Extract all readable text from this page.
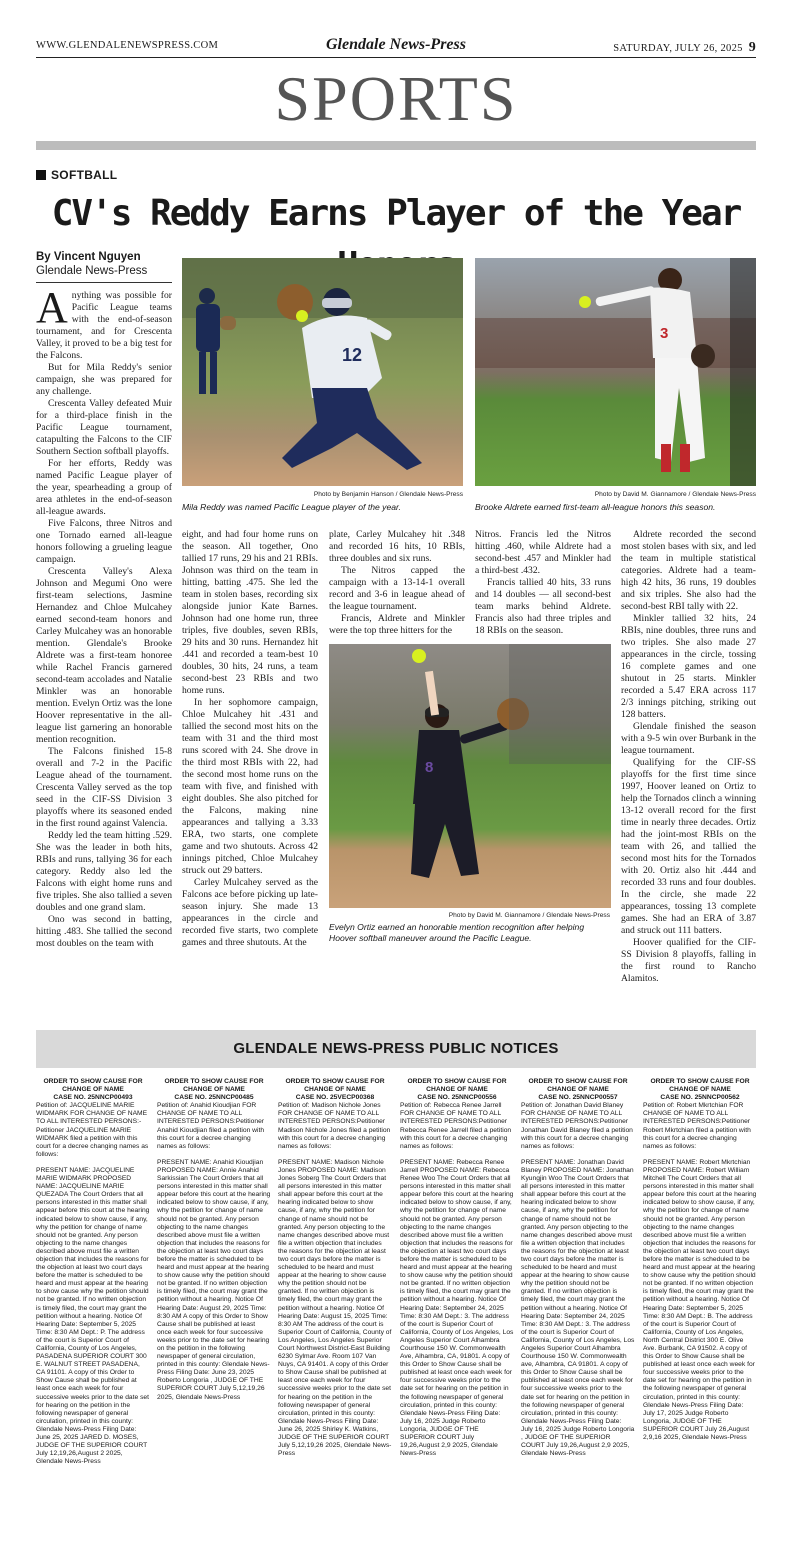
WWW.GLENDALENEWSPRESS.COM	Glendale News-Press	SATURDAY, JULY 26, 2025 9
SPORTS
SOFTBALL
CV's Reddy Earns Player of the Year
By Vincent Nguyen
Glendale News-Press

Anything was possible for Pacific League teams with the end-of-season tournament, and for Crescenta Valley, it proved to be a big test for the Falcons.

But for Mila Reddy's senior campaign, she was prepared for any challenge.

Crescenta Valley defeated Muir for a third-place finish in the Pacific League tournament, catapulting the Falcons to the CIF Southern Section softball playoffs.

For her efforts, Reddy was named Pacific League player of the year, spearheading a group of area athletes in the end-of-season all-league awards.

Five Falcons, three Nitros and one Tornado earned all-league honors following a grueling league campaign.

Crescenta Valley's Alexa Johnson and Megumi Ono were first-team selections, Jasmine Hernandez and Chloe Mulcahey earned second-team honors and Carley Mulcahey was an honorable mention. Glendale's Brooke Aldrete was a first-team honoree while Rachel Francis garnered second-team accolades and Natalie Minkler was an honorable mention. Evelyn Ortiz was the lone Hoover representative in the all-league list garnering an honorable mention recognition.

The Falcons finished 15-8 overall and 7-2 in the Pacific League ahead of the tournament. Crescenta Valley served as the top seed in the CIF-SS Division 3 playoffs where its seasoned ended in the first round against Valencia.

Reddy led the team hitting .529. She was the leader in both hits, RBIs and runs, tallying 36 for each category. Reddy also led the Falcons with eight home runs and five triples. She also tallied a seven doubles and one grand slam.

Ono was second in batting, hitting .483. She tallied the second most doubles on the team with

12
Photo by Benjamin Hanson / Glendale News-Press
Mila Reddy was named Pacific League player of the year.
3
Photo by David M. Giannamore / Glendale News-Press
Brooke Aldrete earned first-team all-league honors this season.

eight, and had four home runs on the season. All together, Ono tallied 17 runs, 29 his and 21 RBIs. Johnson was third on the team in hitting, batting .475. She led the team in stolen bases, recording six alongside junior Kate Barnes. Johnson had one home run, three triples, five doubles, seven RBIs, 29 hits and 30 runs. Hernandez hit .441 and recorded a team-best 10 doubles, 30 hits, 24 runs, a team second-best 23 RBIs and two home runs.

In her sophomore campaign, Chloe Mulcahey hit .431 and tallied the second most hits on the team with 31 and the third most runs scored with 24. She drove in the third most RBIs with 22, had the second most home runs on the team with five, and finished with eight doubles. She also pitched for the Falcons, making nine appearances and tallying a 3.33 ERA, two starts, one complete game and two shutouts. Across 42 innings pitched, Chloe Mulcahey struck out 29 batters.

Carley Mulcahey served as the Falcons ace before picking up late-season injury. She made 13 appearances in the circle and recorded five starts, two complete games and three shutouts. At the

plate, Carley Mulcahey hit .348 and recorded 16 hits, 10 RBIs, three doubles and six runs.

The Nitros capped the campaign with a 13-14-1 overall record and 3-6 in league ahead of the league tournament.

Francis, Aldrete and Minkler were the top three hitters for the

Nitros. Francis led the Nitros hitting .460, while Aldrete had a second-best .457 and Minkler had a third-best .432.

Francis tallied 40 hits, 33 runs and 14 doubles — all second-best team marks behind Aldrete. Francis also had three triples and 18 RBIs on the season.

8
Photo by David M. Giannamore / Glendale News-Press
Evelyn Ortiz earned an honorable mention recognition after helping Hoover softball maneuver around the Pacific League.

Aldrete recorded the second most stolen bases with six, and led the team in multiple statistical categories. Aldrete had a team-high 42 hits, 36 runs, 19 doubles and six triples. She also had the second-best RBI tally with 22.

Minkler tallied 32 hits, 24 RBIs, nine doubles, three runs and two triples. She also made 27 appearances in the circle, tossing 16 complete games and one shutout in 25 starts. Minkler recorded a 5.47 ERA across 117 2/3 innings pitching, striking out 128 batters.

Glendale finished the season with a 9-5 win over Burbank in the league tournament.

Qualifying for the CIF-SS playoffs for the first time since 1997, Hoover leaned on Ortiz to help the Tornados clinch a winning 13-12 overall record for the first time in nearly three decades. Ortiz had the joint-most RBIs on the team with 26, and tallied the second most hits for the Tornados with 20. Ortiz also hit .444 and recorded 33 runs and four doubles. In the circle, she made 22 appearances, tossing 13 complete games. She had an ERA of 3.87 and struck out 111 batters.

Hoover qualified for the CIF-SS Division 8 playoffs, falling in the first round to Rancho Alamitos.

GLENDALE NEWS-PRESS PUBLIC NOTICES
ORDER TO SHOW CAUSE FOR CHANGE OF NAME
CASE NO. 25NNCP00493
Petition of: JACQUELINE MARIE WIDMARK FOR CHANGE OF NAME TO ALL INTERESTED PERSONS:-Petitioner JACQUELINE MARIE WIDMARK filed a petition with this court for a decree changing names as follows:
PRESENT NAME: JACQUELINE MARIE WIDMARK PROPOSED NAME: JACQUELINE MARIE QUEZADA The Court Orders that all persons interested in this matter shall appear before this court at the hearing indicated below to show cause, if any, why the petition for change of name should not be granted. Any person objecting to the name changes described above must file a written objection that includes the reasons for the objection at least two court days before the matter is scheduled to be heard and must appear at the hearing to show cause why the petition should not be granted. If no written objection is timely filed, the court may grant the petition without a hearing. Notice Of Hearing Date: September 5, 2025 Time: 8:30 AM Dept.: P. The address of the court is Superior Court of California, County of Los Angeles, PASADENA SUPERIOR COURT 300 E. WALNUT STREET PASADENA, CA 91101. A copy of this Order to Show Cause shall be published at least once each week for four successive weeks prior to the date set for hearing on the petition in the following newspaper of general circulation, printed in this county: Glendale News-Press Filing Date: June 25, 2025 JARED D. MOSES, JUDGE OF THE SUPERIOR COURT July 12,19,26,August 2 2025, Glendale News-Press
ORDER TO SHOW CAUSE FOR CHANGE OF NAME
CASE NO. 25NNCP00485
Petition of: Anahid Kioudjian FOR CHANGE OF NAME TO ALL INTERESTED PERSONS:Petitioner Anahid Kioudjian filed a petition with this court for a decree changing names as follows:
PRESENT NAME: Anahid Kioudjian PROPOSED NAME: Annie Anahid Sarkissian The Court Orders that all persons interested in this matter shall appear before this court at the hearing indicated below to show cause, if any, why the petition for change of name should not be granted. Any person objecting to the name changes described above must file a written objection that includes the reasons for the objection at least two court days before the matter is scheduled to be heard and must appear at the hearing to show cause why the petition should not be granted. If no written objection is timely filed, the court may grant the petition without a hearing. Notice Of Hearing Date: August 29, 2025 Time: 8:30 AM A copy of this Order to Show Cause shall be published at least once each week for four successive weeks prior to the date set for hearing on the petition in the following newspaper of general circulation, printed in this county: Glendale News-Press Filing Date: June 23, 2025 Roberto Longoria , JUDGE OF THE SUPERIOR COURT July 5,12,19,26 2025, Glendale News-Press
ORDER TO SHOW CAUSE FOR CHANGE OF NAME
CASE NO. 25VECP00368
Petition of: Madison Nichole Jones FOR CHANGE OF NAME TO ALL INTERESTED PERSONS:Petitioner Madison Nichole Jones filed a petition with this court for a decree changing names as follows:
PRESENT NAME: Madison Nichole Jones PROPOSED NAME: Madison Jones Soberg The Court Orders that all persons interested in this matter shall appear before this court at the hearing indicated below to show cause, if any, why the petition for change of name should not be granted. Any person objecting to the name changes described above must file a written objection that includes the reasons for the objection at least two court days before the matter is scheduled to be heard and must appear at the hearing to show cause why the petition should not be granted. If no written objection is timely filed, the court may grant the petition without a hearing. Notice Of Hearing Date: August 15, 2025 Time: 8:30 AM The address of the court is Superior Court of California, County of Los Angeles, Los Angeles Superior Court Northwest District-East Building 6230 Sylmar Ave. Room 107 Van Nuys, CA 91401. A copy of this Order to Show Cause shall be published at least once each week for four successive weeks prior to the date set for hearing on the petition in the following newspaper of general circulation, printed in this county: Glendale News-Press Filing Date: June 26, 2025 Shirley K. Watkins, JUDGE OF THE SUPERIOR COURT July 5,12,19,26 2025, Glendale News-Press
ORDER TO SHOW CAUSE FOR CHANGE OF NAME
CASE NO. 25NNCP00556
Petition of: Rebecca Renee Jarrell FOR CHANGE OF NAME TO ALL INTERESTED PERSONS:Petitioner Rebecca Renee Jarrell filed a petition with this court for a decree changing names as follows:
PRESENT NAME: Rebecca Renee Jarrell PROPOSED NAME: Rebecca Renee Woo The Court Orders that all persons interested in this matter shall appear before this court at the hearing indicated below to show cause, if any, why the petition for change of name should not be granted. Any person objecting to the name changes described above must file a written objection that includes the reasons for the objection at least two court days before the matter is scheduled to be heard and must appear at the hearing to show cause why the petition should not be granted. If no written objection is timely filed, the court may grant the petition without a hearing. Notice Of Hearing Date: September 24, 2025 Time: 8:30 AM Dept.: 3. The address of the court is Superior Court of California, County of Los Angeles, Los Angeles Superior Court Alhambra Courthouse 150 W. Commonwealth Ave, Alhambra, CA, 91801. A copy of this Order to Show Cause shall be published at least once each week for four successive weeks prior to the date set for hearing on the petition in the following newspaper of general circulation, printed in this county: Glendale News-Press Filing Date: July 16, 2025 Judge Roberto Longoria, JUDGE OF THE SUPERIOR COURT July 19,26,August 2,9 2025, Glendale News-Press
ORDER TO SHOW CAUSE FOR CHANGE OF NAME
CASE NO. 25NNCP00557
Petition of: Jonathan David Blaney FOR CHANGE OF NAME TO ALL INTERESTED PERSONS:Petitioner Jonathan David Blaney filed a petition with this court for a decree changing names as follows:
PRESENT NAME: Jonathan David Blaney PROPOSED NAME: Jonathan Kyungjin Woo The Court Orders that all persons interested in this matter shall appear before this court at the hearing indicated below to show cause, if any, why the petition for change of name should not be granted. Any person objecting to the name changes described above must file a written objection that includes the reasons for the objection at least two court days before the matter is scheduled to be heard and must appear at the hearing to show cause why the petition should not be granted. If no written objection is timely filed, the court may grant the petition without a hearing. Notice Of Hearing Date: September 24, 2025 Time: 8:30 AM Dept.: 3. The address of the court is Superior Court of California, County of Los Angeles, Los Angeles Superior Court Alhambra Courthouse 150 W. Commonwealth ave, Alhambra, CA 91801. A copy of this Order to Show Cause shall be published at least once each week for four successive weeks prior to the date set for hearing on the petition in the following newspaper of general circulation, printed in this county: Glendale News-Press Filing Date: July 16, 2025 Judge Roberto Longoria , JUDGE OF THE SUPERIOR COURT July 19,26,August 2,9 2025, Glendale News-Press
ORDER TO SHOW CAUSE FOR CHANGE OF NAME
CASE NO. 25NNCP00562
Petition of: Robert Mkrtchian FOR CHANGE OF NAME TO ALL INTERESTED PERSONS:Petitioner Robert Mkrtchian filed a petition with this court for a decree changing names as follows:
PRESENT NAME: Robert Mkrtchian PROPOSED NAME: Robert William Mitchell The Court Orders that all persons interested in this matter shall appear before this court at the hearing indicated below to show cause, if any, why the petition for change of name should not be granted. Any person objecting to the name changes described above must file a written objection that includes the reasons for the objection at least two court days before the matter is scheduled to be heard and must appear at the hearing to show cause why the petition should not be granted. If no written objection is timely filed, the court may grant the petition without a hearing. Notice Of Hearing Date: September 5, 2025 Time: 8:30 AM Dept.: B. The address of the court is Superior Court of California, County of Los Angeles, North Central District 300 E. Olive Ave. Burbank, CA 91502. A copy of this Order to Show Cause shall be published at least once each week for four successive weeks prior to the date set for hearing on the petition in the following newspaper of general circulation, printed in this county: Glendale News-Press Filing Date: July 17, 2025 Judge Roberto Longoria, JUDGE OF THE SUPERIOR COURT July 26,August 2,9,16 2025, Glendale News-Press
